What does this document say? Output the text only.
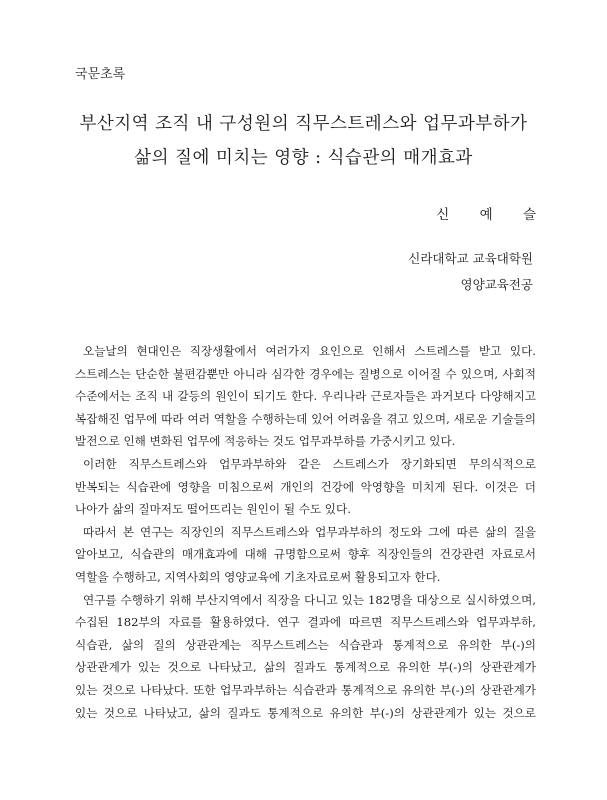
국문초록
부산지역 조직 내 구성원의 직무스트레스와 업무과부하가
삶의 질에 미치는 영향 : 식습관의 매개효과
신 예 슬
신라대학교 교육대학원
영양교육전공
오늘날의 현대인은 직장생활에서 여러가지 요인으로 인해서 스트레스를 받고 있다.
스트레스는 단순한 불편감뿐만 아니라 심각한 경우에는 질병으로 이어질 수 있으며, 사회적
수준에서는 조직 내 갈등의 원인이 되기도 한다. 우리나라 근로자들은 과거보다 다양해지고
복잡해진 업무에 따라 여러 역할을 수행하는데 있어 어려움을 겪고 있으며, 새로운 기술들의
발전으로 인해 변화된 업무에 적응하는 것도 업무과부하를 가중시키고 있다.
이러한 직무스트레스와 업무과부하와 같은 스트레스가 장기화되면 무의식적으로
반복되는 식습관에 영향을 미침으로써 개인의 건강에 악영향을 미치게 된다. 이것은 더
나아가 삶의 질마저도 떨어뜨리는 원인이 될 수도 있다.
따라서 본 연구는 직장인의 직무스트레스와 업무과부하의 정도와 그에 따른 삶의 질을
알아보고, 식습관의 매개효과에 대해 규명함으로써 향후 직장인들의 건강관련 자료로서
역할을 수행하고, 지역사회의 영양교육에 기초자료로써 활용되고자 한다.
연구를 수행하기 위해 부산지역에서 직장을 다니고 있는 182명을 대상으로 실시하였으며,
수집된 182부의 자료를 활용하였다. 연구 결과에 따르면 직무스트레스와 업무과부하,
식습관, 삶의 질의 상관관계는 직무스트레스는 식습관과 통계적으로 유의한 부(-)의
상관관계가 있는 것으로 나타났고, 삶의 질과도 통계적으로 유의한 부(-)의 상관관계가
있는 것으로 나타났다. 또한 업무과부하는 식습관과 통계적으로 유의한 부(-)의 상관관계가
있는 것으로 나타났고, 삶의 질과도 통계적으로 유의한 부(-)의 상관관계가 있는 것으로
